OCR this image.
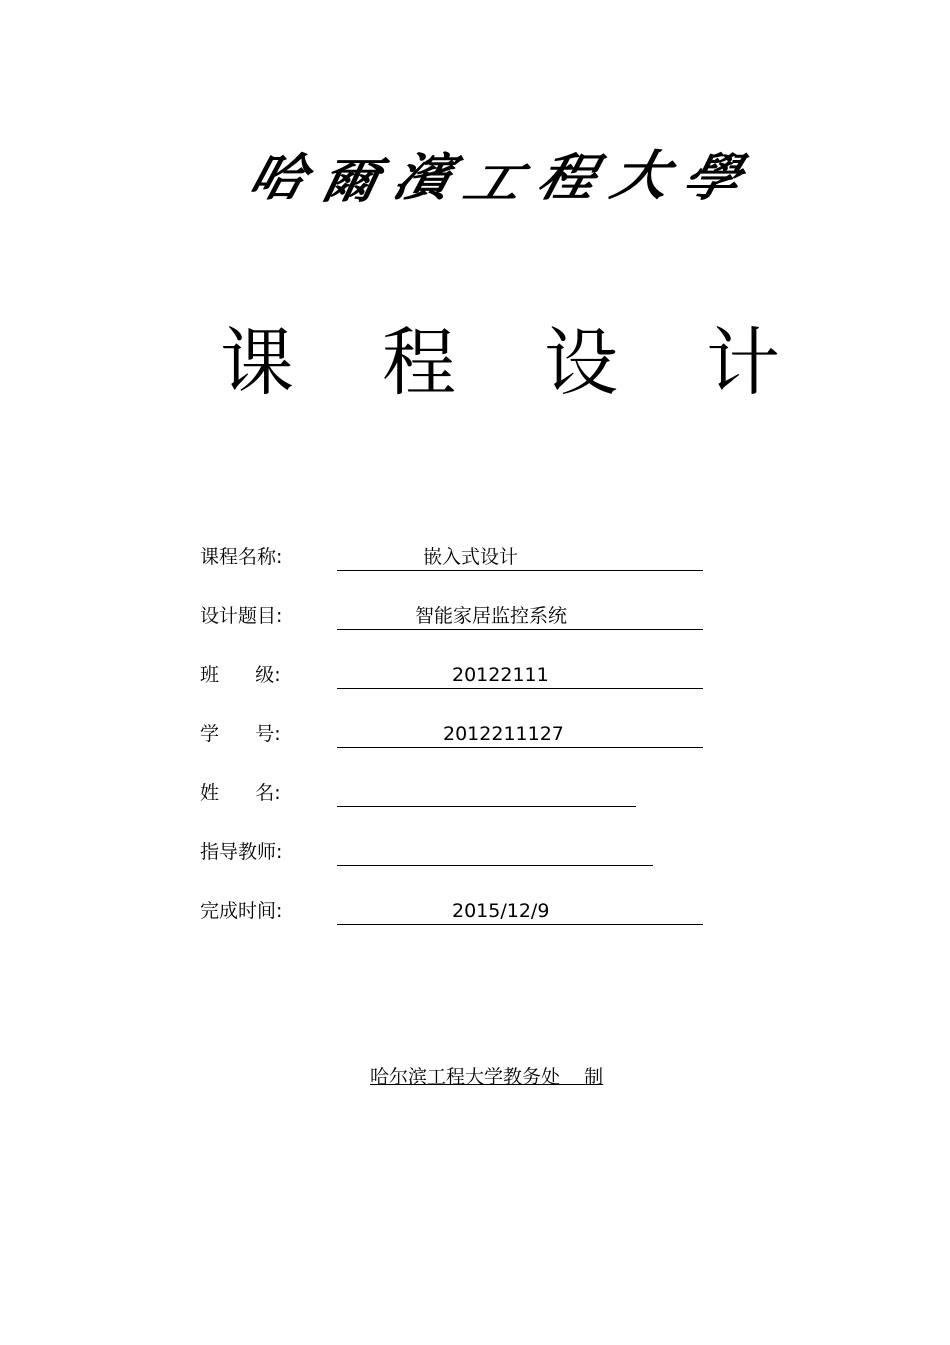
哈 爾 濱
工 程 大 學
课 程 设 计
课程名称:	嵌入式设计
设计题目:	智能家居监控系统
班      级:	20122111
学      号:	2012211127
姓      名:
指导教师:
完成时间:	2015/12/9
哈尔滨工程大学教务处    制
